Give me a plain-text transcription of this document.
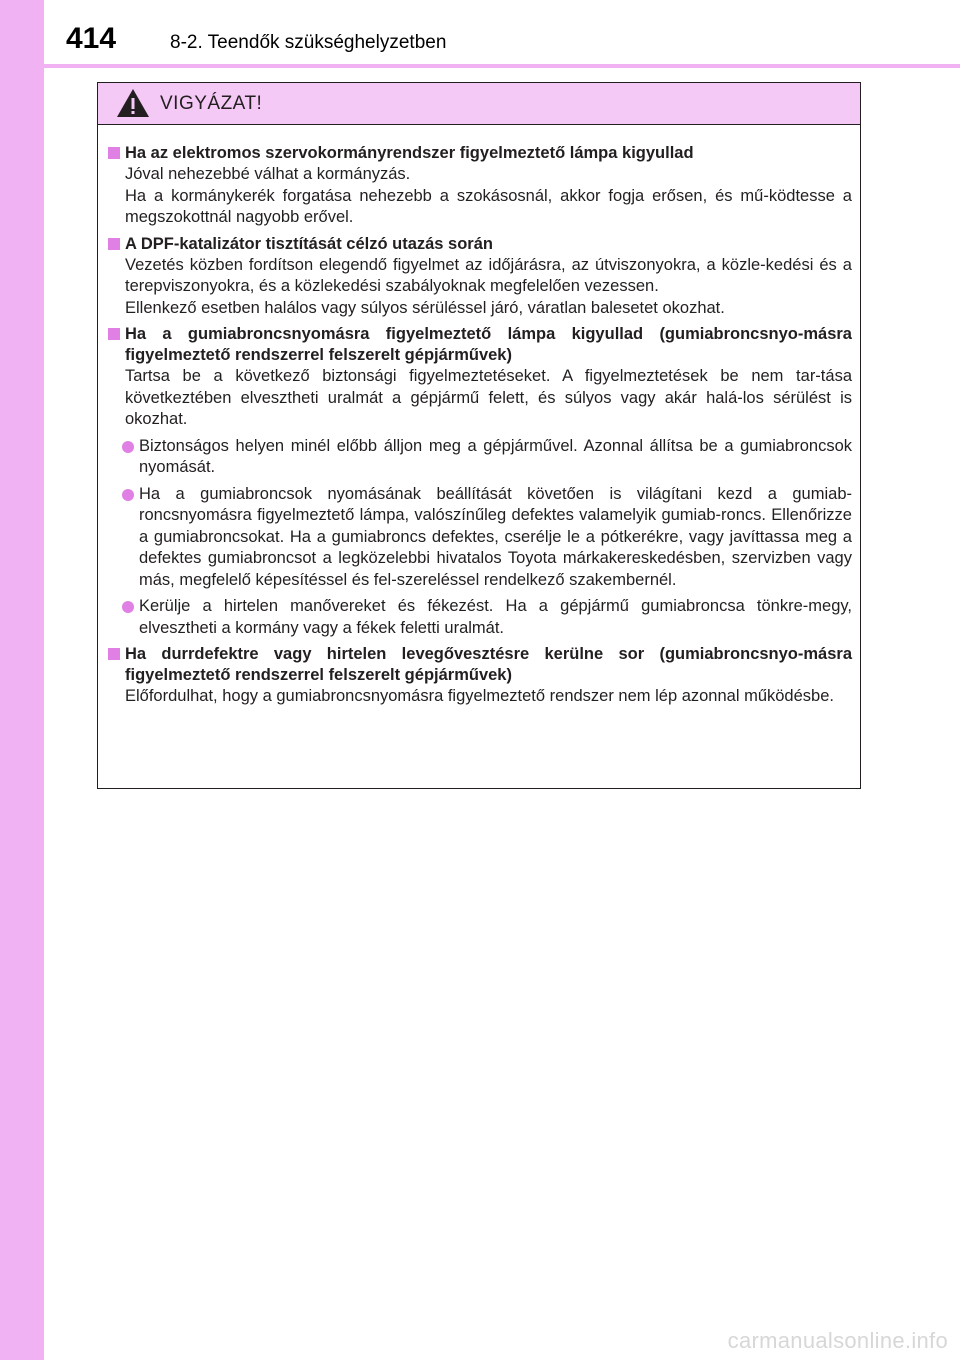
414	8-2. Teendők szükséghelyzetben
VIGYÁZAT!
Ha az elektromos szervokormányrendszer figyelmeztető lámpa kigyullad

Jóval nehezebbé válhat a kormányzás.

Ha a kormánykerék forgatása nehezebb a szokásosnál, akkor fogja erősen, és mű-ködtesse a megszokottnál nagyobb erővel.

A DPF-katalizátor tisztítását célzó utazás során

Vezetés közben fordítson elegendő figyelmet az időjárásra, az útviszonyokra, a közle-kedési és a terepviszonyokra, és a közlekedési szabályoknak megfelelően vezessen.

Ellenkező esetben halálos vagy súlyos sérüléssel járó, váratlan balesetet okozhat.

Ha a gumiabroncsnyomásra figyelmeztető lámpa kigyullad (gumiabroncsnyo-másra figyelmeztető rendszerrel felszerelt gépjárművek)

Tartsa be a következő biztonsági figyelmeztetéseket. A figyelmeztetések be nem tar-tása következtében elvesztheti uralmát a gépjármű felett, és súlyos vagy akár halá-los sérülést is okozhat.

Biztonságos helyen minél előbb álljon meg a gépjárművel. Azonnal állítsa be a gumiabroncsok nyomását.
Ha a gumiabroncsok nyomásának beállítását követően is világítani kezd a gumiab-roncsnyomásra figyelmeztető lámpa, valószínűleg defektes valamelyik gumiab-roncs. Ellenőrizze a gumiabroncsokat. Ha a gumiabroncs defektes, cserélje le a pótkerékre, vagy javíttassa meg a defektes gumiabroncsot a legközelebbi hivatalos Toyota márkakereskedésben, szervizben vagy más, megfelelő képesítéssel és fel-szereléssel rendelkező szakembernél.
Kerülje a hirtelen manővereket és fékezést. Ha a gépjármű gumiabroncsa tönkre-megy, elvesztheti a kormány vagy a fékek feletti uralmát.
Ha durrdefektre vagy hirtelen levegővesztésre kerülne sor (gumiabroncsnyo-másra figyelmeztető rendszerrel felszerelt gépjárművek)

Előfordulhat, hogy a gumiabroncsnyomásra figyelmeztető rendszer nem lép azonnal működésbe.

carmanualsonline.info
